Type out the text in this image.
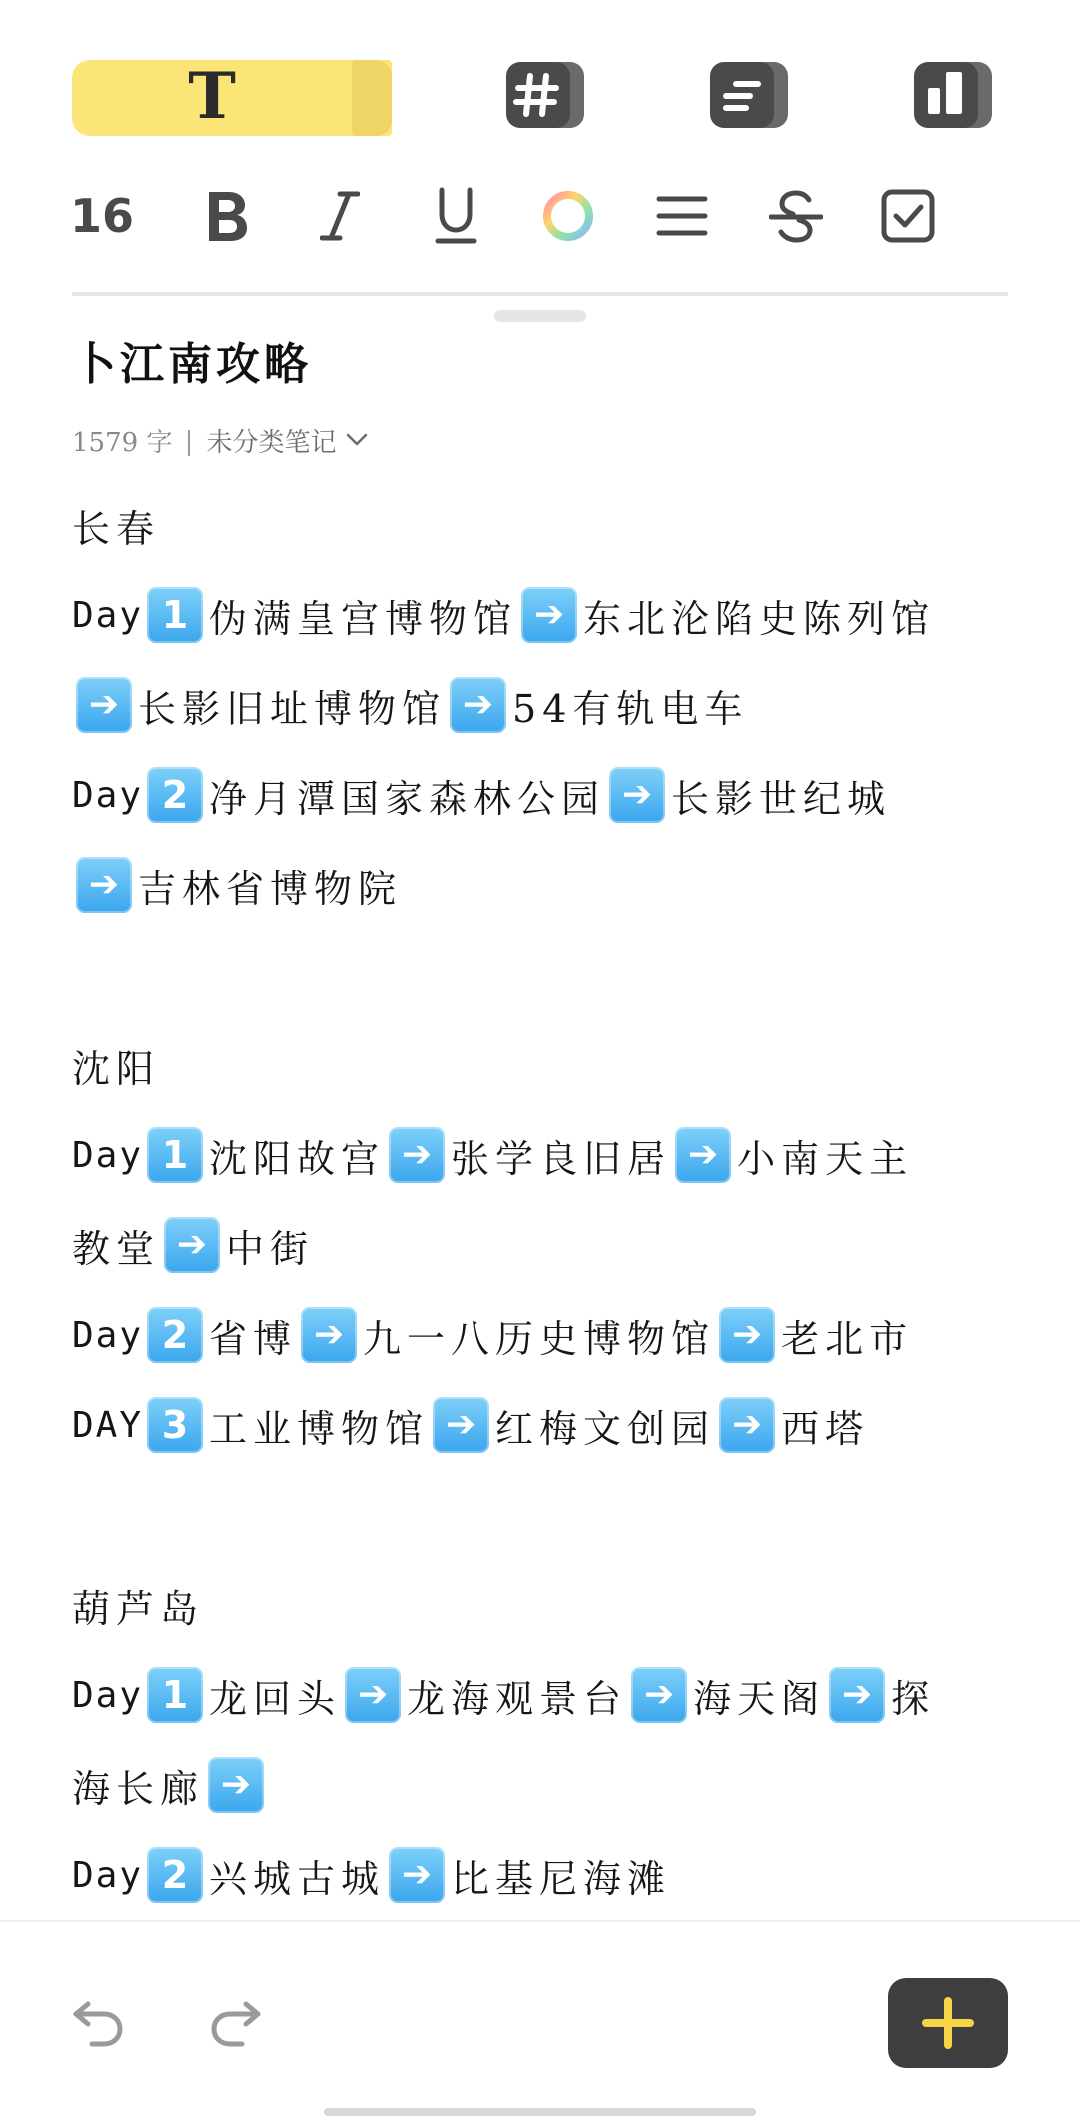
T
16
卜江南攻略
1579 字 未分类笔记
长春
Day 1 伪满皇宫博物馆 ➔ 东北沦陷史陈列馆
➔ 长影旧址博物馆 ➔ 54有轨电车
Day 2 净月潭国家森林公园 ➔ 长影世纪城
➔ 吉林省博物院
沈阳
Day 1 沈阳故宫 ➔ 张学良旧居 ➔ 小南天主
教堂 ➔ 中街
Day 2 省博 ➔ 九一八历史博物馆 ➔ 老北市
DAY 3 工业博物馆 ➔ 红梅文创园 ➔ 西塔
葫芦岛
Day 1 龙回头 ➔ 龙海观景台 ➔ 海天阁 ➔ 探
海长廊 ➔
Day 2 兴城古城 ➔ 比基尼海滩
